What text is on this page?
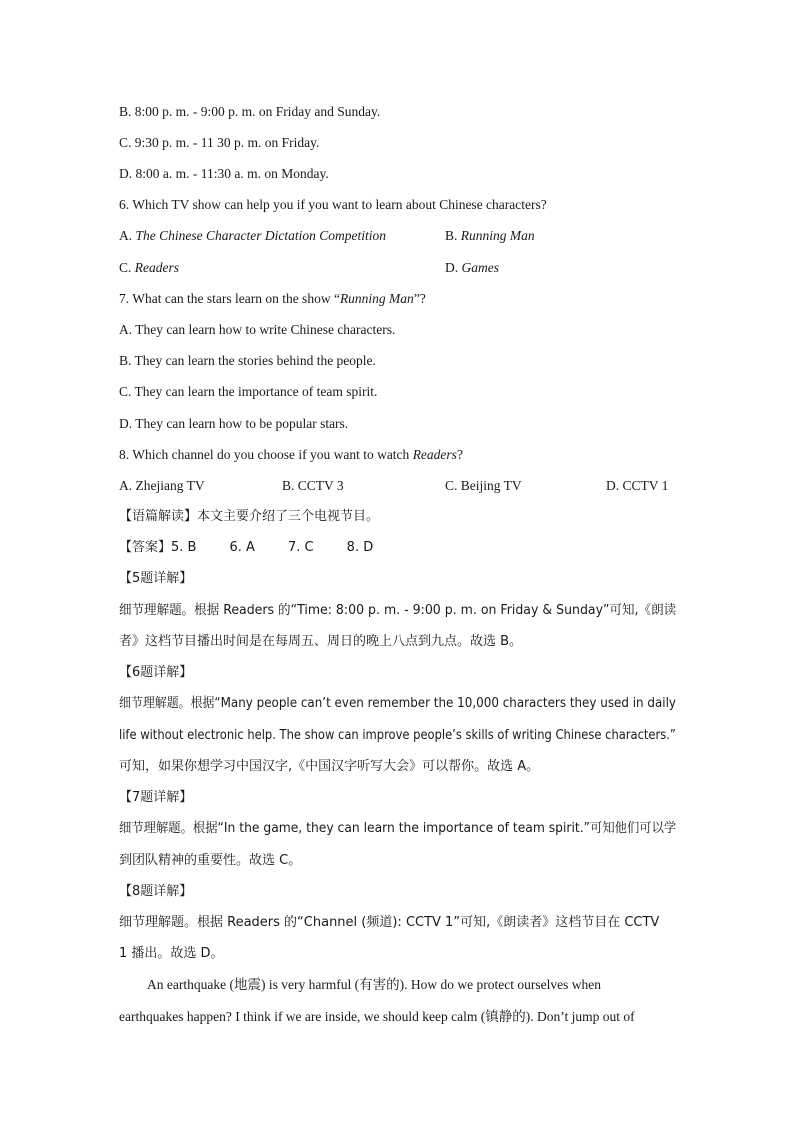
B. 8:00 p. m. - 9:00 p. m. on Friday and Sunday.
C. 9:30 p. m. - 11 30 p. m. on Friday.
D. 8:00 a. m. - 11:30 a. m. on Monday.
6. Which TV show can help you if you want to learn about Chinese characters?
A. The Chinese Character Dictation Competition	B. Running Man
C. Readers	D. Games
7. What can the stars learn on the show “Running Man”?
A. They can learn how to write Chinese characters.
B. They can learn the stories behind the people.
C. They can learn the importance of team spirit.
D. They can learn how to be popular stars.
8. Which channel do you choose if you want to watch Readers?
A. Zhejiang TV	B. CCTV 3	C. Beijing TV	D. CCTV 1
【语篇解读】本文主要介绍了三个电视节目。
【答案】5. B        6. A        7. C        8. D
【5题详解】
细节理解题。根据 Readers 的“Time: 8:00 p. m. - 9:00 p. m. on Friday & Sunday”可知,《朗读
者》这档节目播出时间是在每周五、周日的晚上八点到九点。故选 B。
【6题详解】
细节理解题。根据“Many people can’t even remember the 10,000 characters they used in daily
life without electronic help. The show can improve people’s skills of writing Chinese characters.”
可知，如果你想学习中国汉字,《中国汉字听写大会》可以帮你。故选 A。
【7题详解】
细节理解题。根据“In the game, they can learn the importance of team spirit.”可知他们可以学
到团队精神的重要性。故选 C。
【8题详解】
细节理解题。根据 Readers 的“Channel (频道): CCTV 1”可知,《朗读者》这档节目在 CCTV
1 播出。故选 D。
An earthquake (地震) is very harmful (有害的). How do we protect ourselves when
earthquakes happen? I think if we are inside, we should keep calm (镇静的). Don’t jump out of
